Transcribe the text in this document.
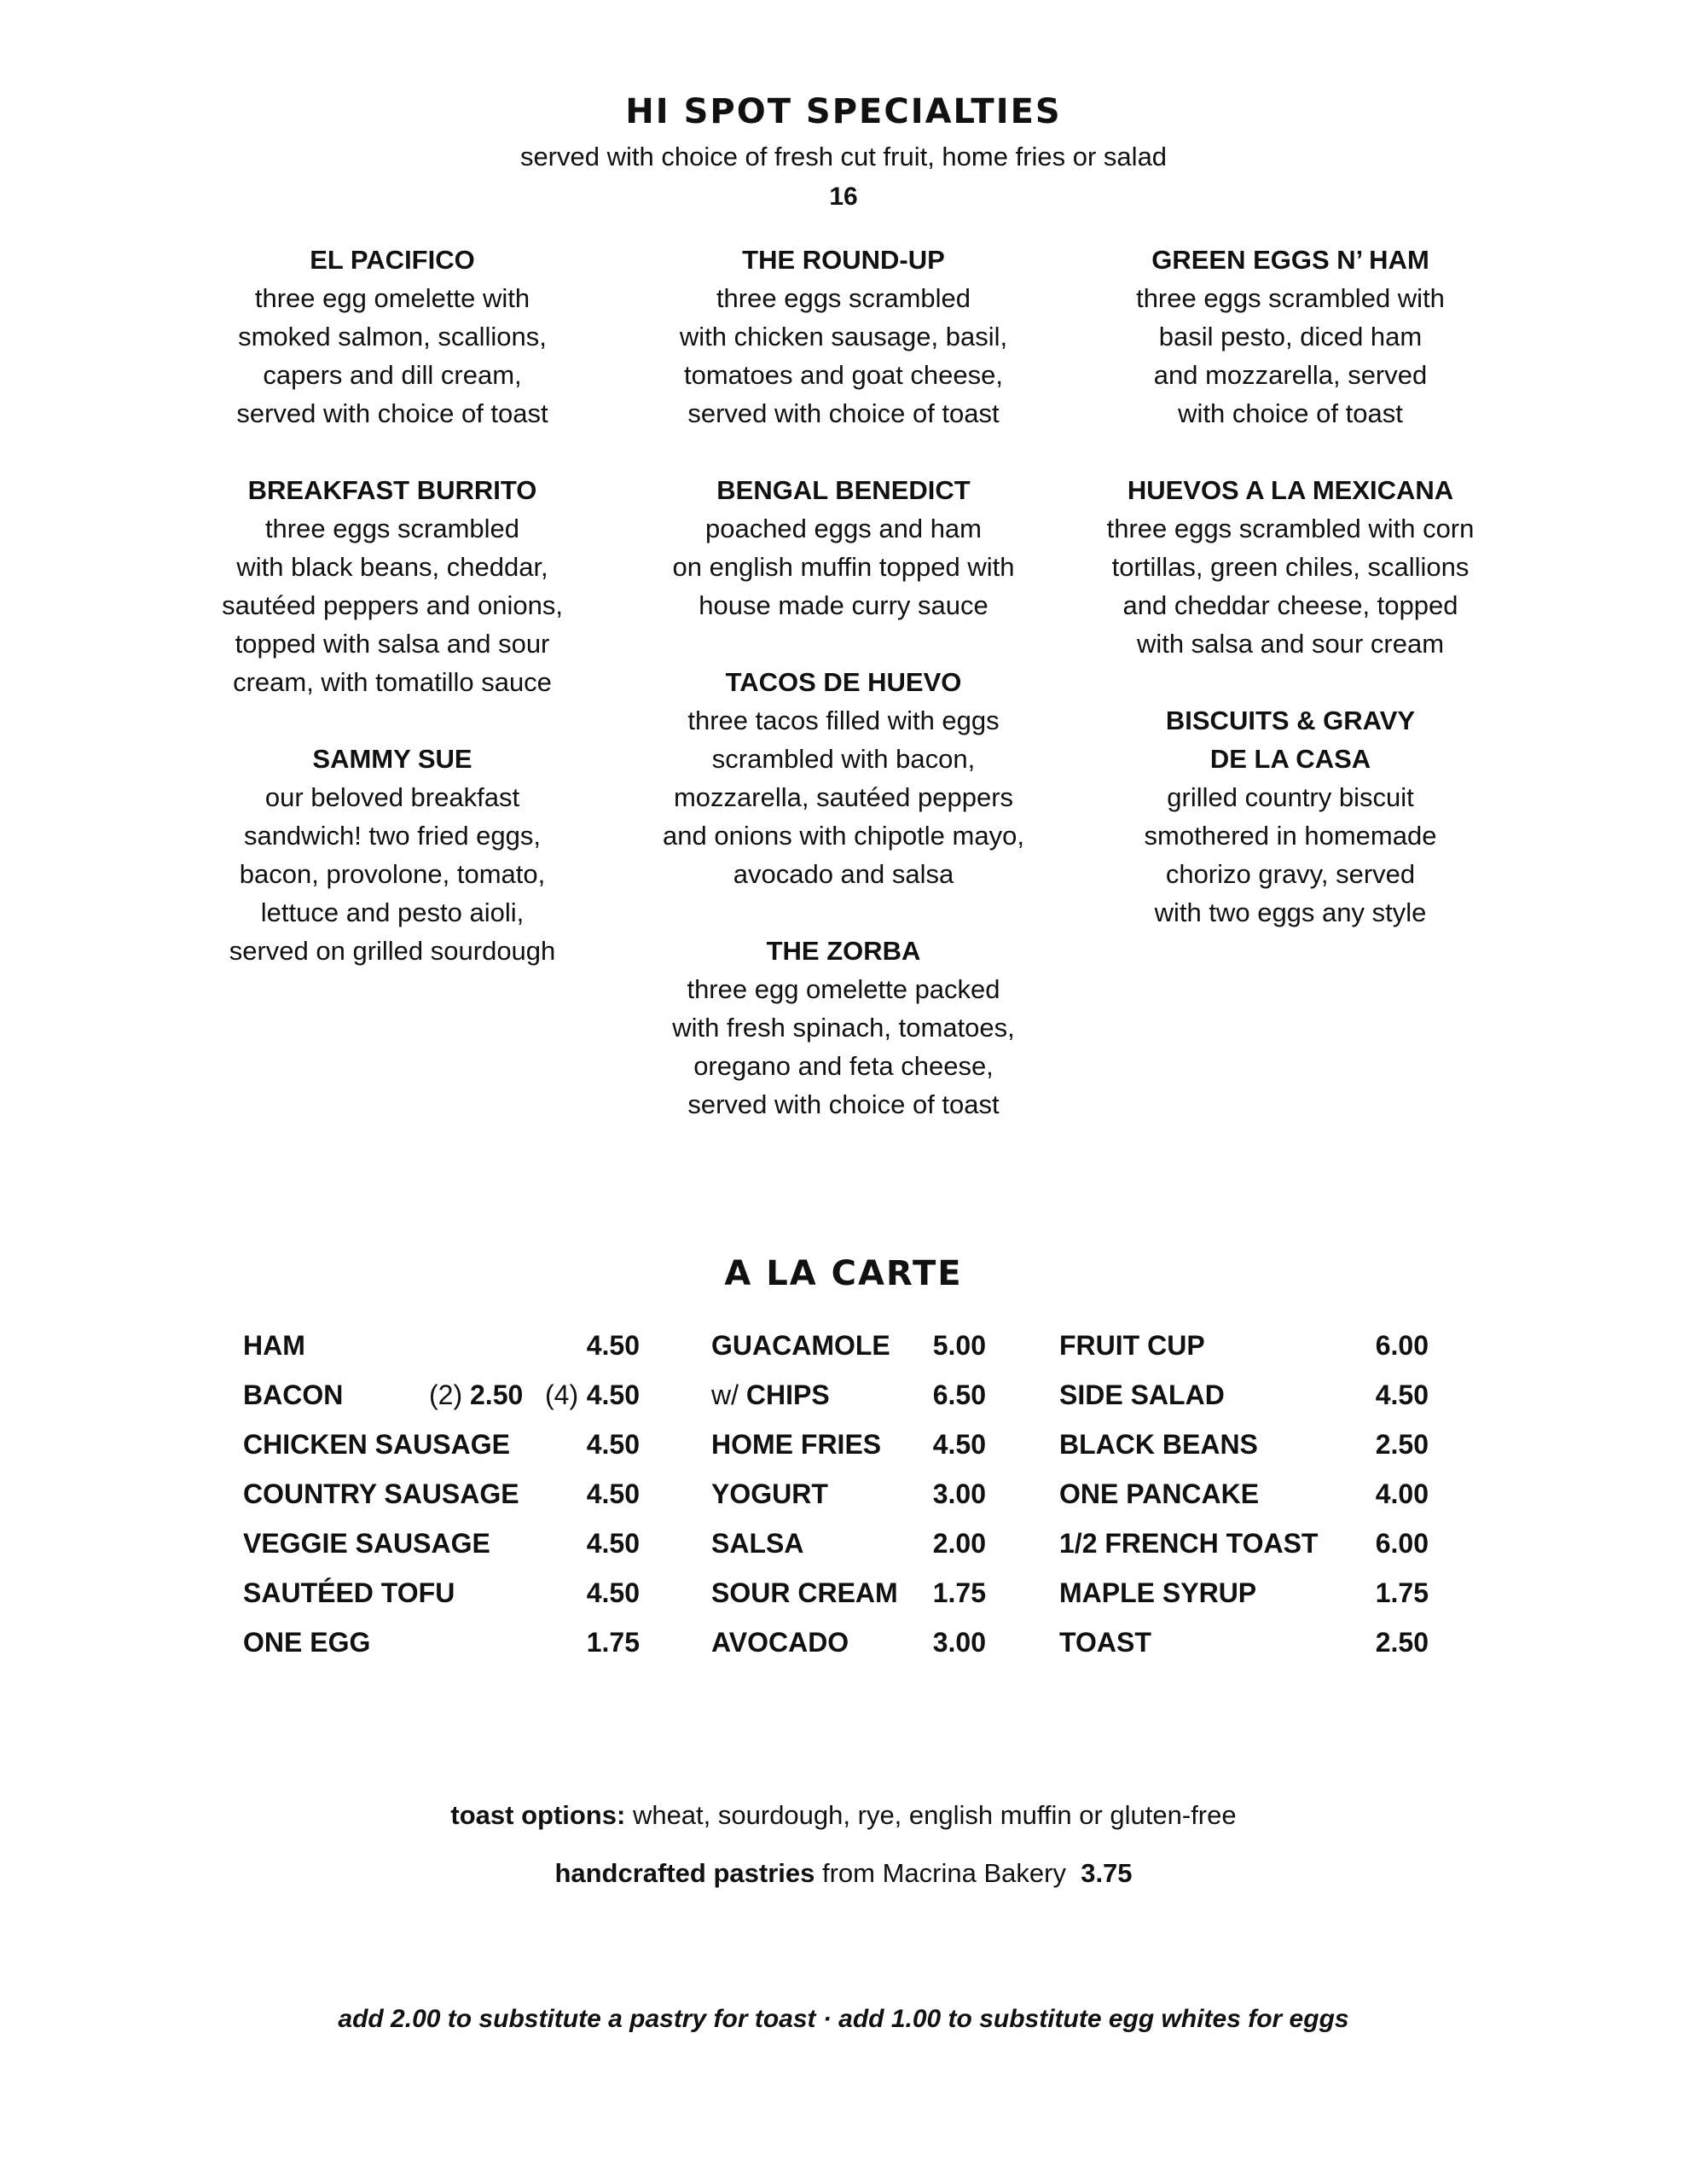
HI SPOT SPECIALTIES
served with choice of fresh cut fruit, home fries or salad
16
EL PACIFICO
three egg omelette with
smoked salmon, scallions,
capers and dill cream,
served with choice of toast
BREAKFAST BURRITO
three eggs scrambled
with black beans, cheddar,
sautéed peppers and onions,
topped with salsa and sour
cream, with tomatillo sauce
SAMMY SUE
our beloved breakfast
sandwich! two fried eggs,
bacon, provolone, tomato,
lettuce and pesto aioli,
served on grilled sourdough
THE ROUND-UP
three eggs scrambled
with chicken sausage, basil,
tomatoes and goat cheese,
served with choice of toast
BENGAL BENEDICT
poached eggs and ham
on english muffin topped with
house made curry sauce
TACOS DE HUEVO
three tacos filled with eggs
scrambled with bacon,
mozzarella, sautéed peppers
and onions with chipotle mayo,
avocado and salsa
THE ZORBA
three egg omelette packed
with fresh spinach, tomatoes,
oregano and feta cheese,
served with choice of toast
GREEN EGGS N’ HAM
three eggs scrambled with
basil pesto, diced ham
and mozzarella, served
with choice of toast
HUEVOS A LA MEXICANA
three eggs scrambled with corn
tortillas, green chiles, scallions
and cheddar cheese, topped
with salsa and sour cream
BISCUITS & GRAVY
DE LA CASA
grilled country biscuit
smothered in homemade
chorizo gravy, served
with two eggs any style
A LA CARTE
HAM	4.50
BACON	(2) 2.50 (4) 4.50
CHICKEN SAUSAGE	4.50
COUNTRY SAUSAGE 4.50
VEGGIE SAUSAGE	4.50
SAUTÉED TOFU	4.50
ONE EGG	1.75
GUACAMOLE 5.00
w/ CHIPS	6.50
HOME FRIES 4.50
YOGURT	3.00
SALSA	2.00
SOUR CREAM 1.75
AVOCADO	3.00
FRUIT CUP	6.00
SIDE SALAD	4.50
BLACK BEANS	2.50
ONE PANCAKE	4.00
1/2 FRENCH TOAST 6.00
MAPLE SYRUP	1.75
TOAST	2.50
toast options: wheat, sourdough, rye, english muffin or gluten-free
handcrafted pastries from Macrina Bakery 3.75
add 2.00 to substitute a pastry for toast · add 1.00 to substitute egg whites for eggs
